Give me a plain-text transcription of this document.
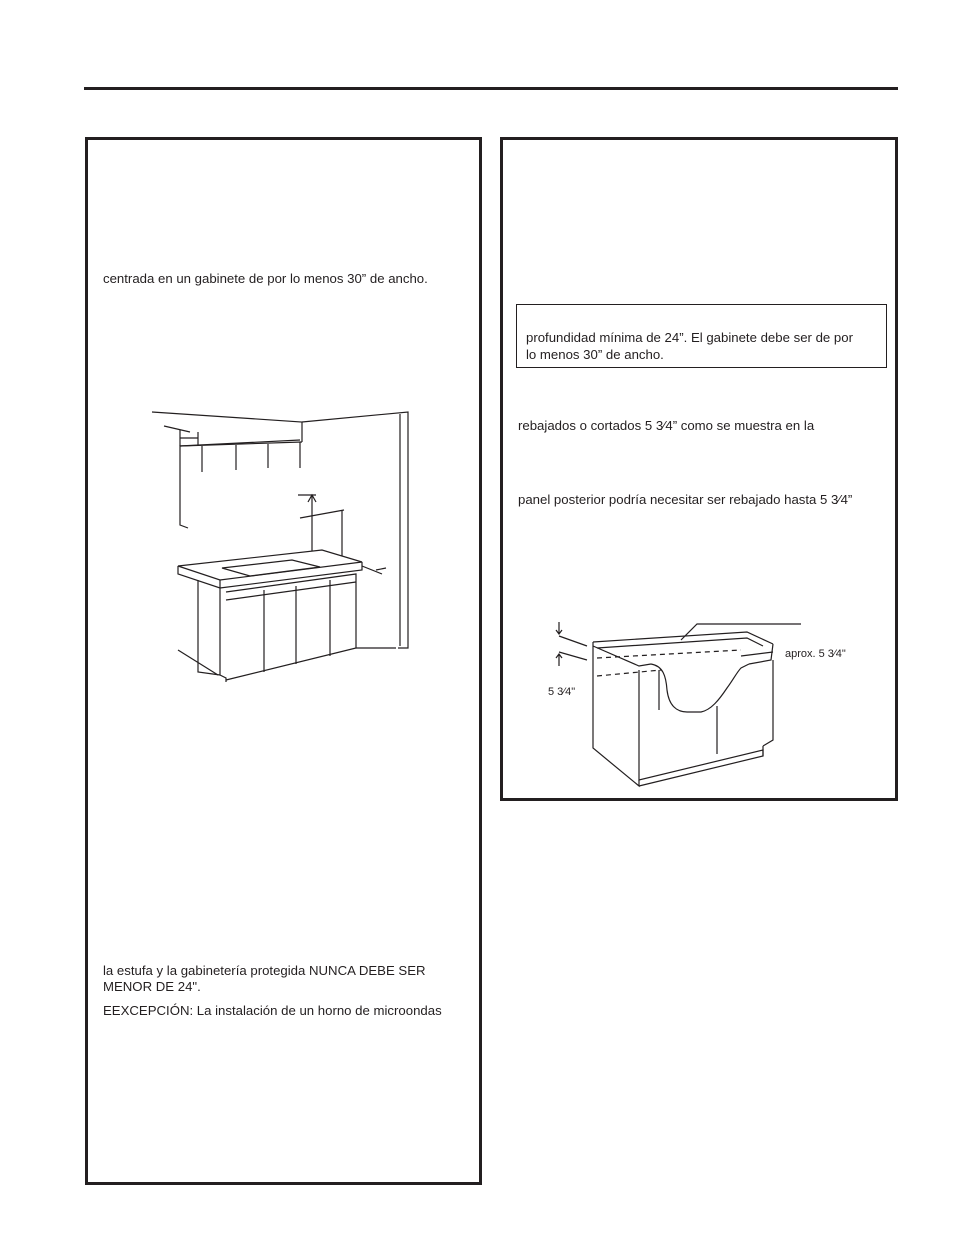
centrada en un gabinete de por lo menos 30” de ancho.
la estufa y la gabinetería protegida NUNCA DEBE SER
MENOR DE 24".
EEXCEPCIÓN: La instalación de un horno de microondas
profundidad mínima de 24”. El gabinete debe ser de por
lo menos 30” de ancho.
rebajados o cortados 5 3⁄4” como se muestra en la
panel posterior podría necesitar ser rebajado hasta 5 3⁄4”
aprox. 5 3⁄4"
5 3⁄4"
